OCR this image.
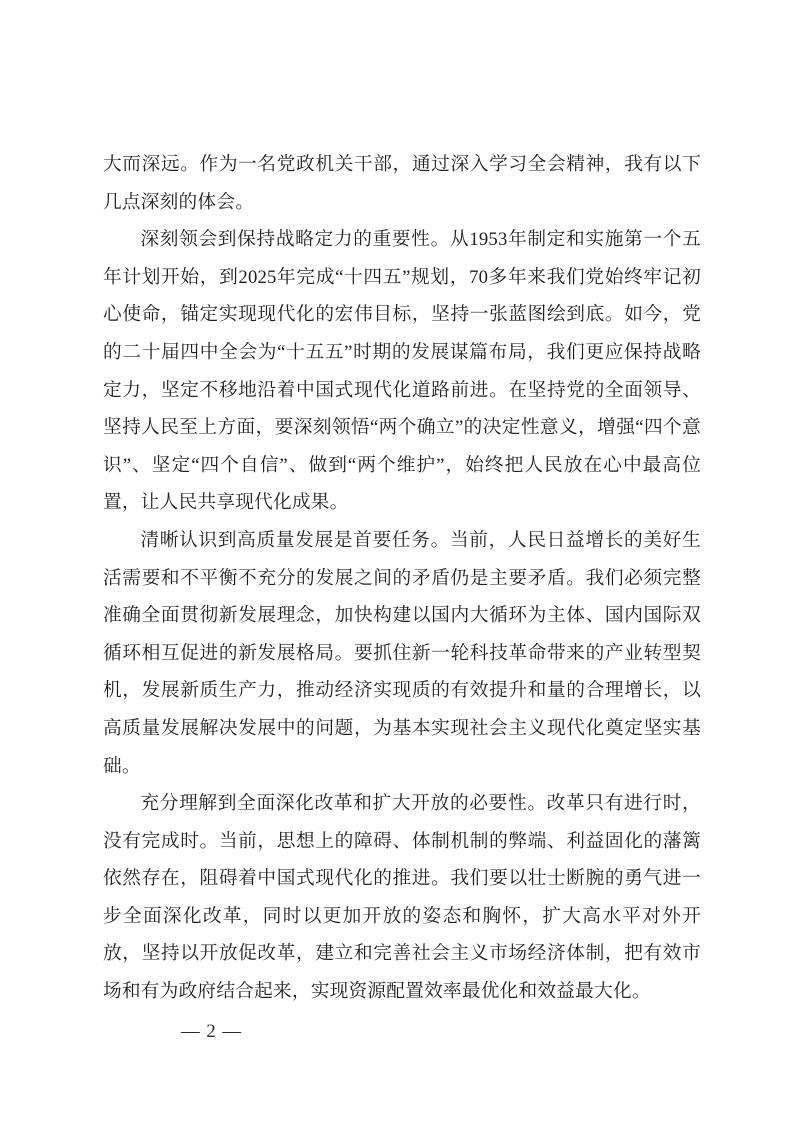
大而深远。作为一名党政机关干部，通过深入学习全会精神，我有以下几点深刻的体会。

深刻领会到保持战略定力的重要性。从1953年制定和实施第一个五年计划开始，到2025年完成“十四五”规划，70多年来我们党始终牢记初心使命，锚定实现现代化的宏伟目标，坚持一张蓝图绘到底。如今，党的二十届四中全会为“十五五”时期的发展谋篇布局，我们更应保持战略定力，坚定不移地沿着中国式现代化道路前进。在坚持党的全面领导、坚持人民至上方面，要深刻领悟“两个确立”的决定性意义，增强“四个意识”、坚定“四个自信”、做到“两个维护”，始终把人民放在心中最高位置，让人民共享现代化成果。

清晰认识到高质量发展是首要任务。当前，人民日益增长的美好生活需要和不平衡不充分的发展之间的矛盾仍是主要矛盾。我们必须完整准确全面贯彻新发展理念，加快构建以国内大循环为主体、国内国际双循环相互促进的新发展格局。要抓住新一轮科技革命带来的产业转型契机，发展新质生产力，推动经济实现质的有效提升和量的合理增长，以高质量发展解决发展中的问题，为基本实现社会主义现代化奠定坚实基础。

充分理解到全面深化改革和扩大开放的必要性。改革只有进行时，没有完成时。当前，思想上的障碍、体制机制的弊端、利益固化的藩篱依然存在，阻碍着中国式现代化的推进。我们要以壮士断腕的勇气进一步全面深化改革，同时以更加开放的姿态和胸怀，扩大高水平对外开放，坚持以开放促改革，建立和完善社会主义市场经济体制，把有效市场和有为政府结合起来，实现资源配置效率最优化和效益最大化。

— 2 —
